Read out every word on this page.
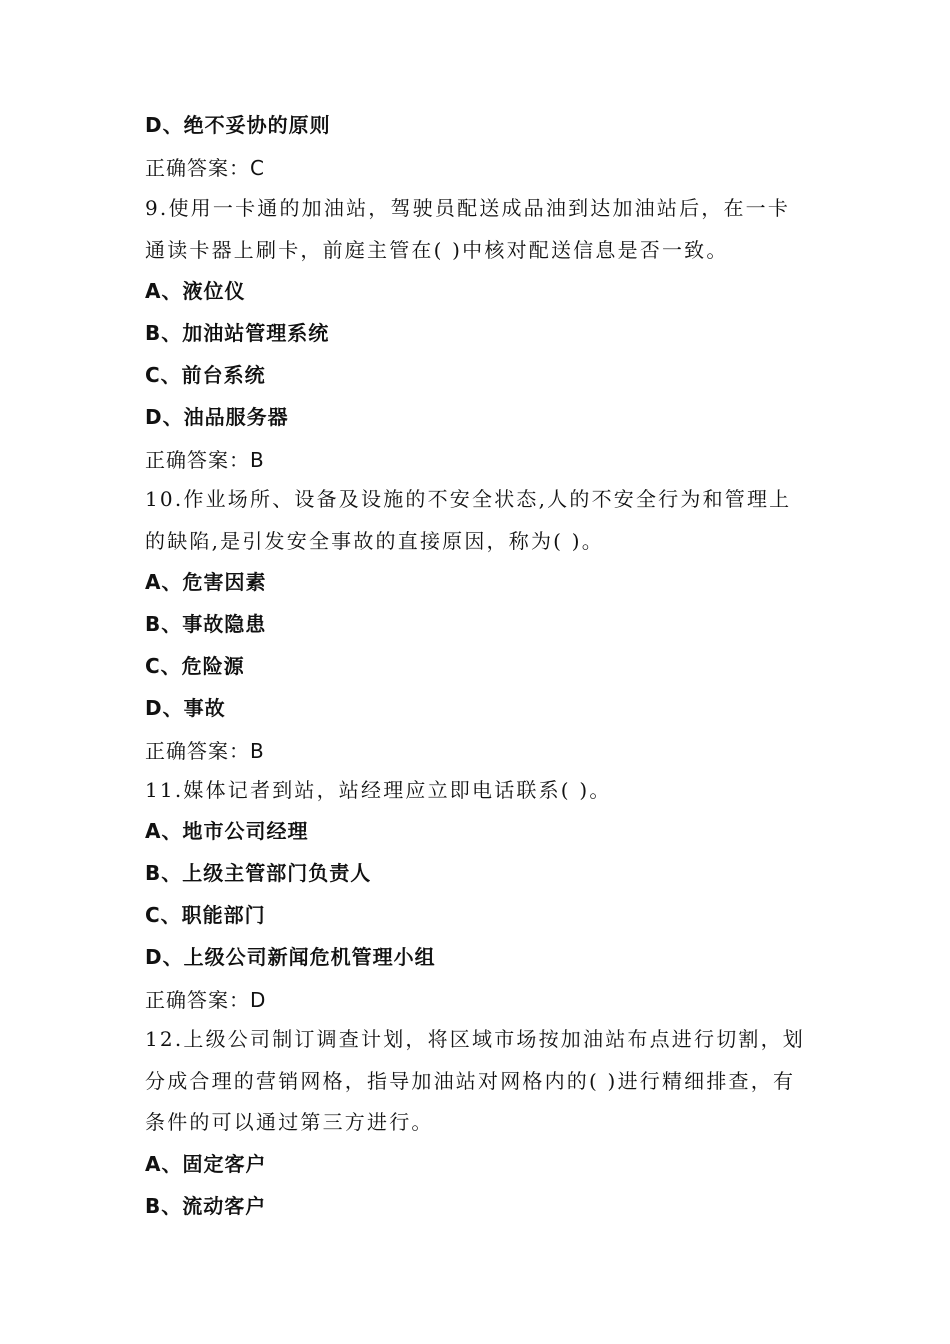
D、绝不妥协的原则
正确答案：C
9.使用一卡通的加油站，驾驶员配送成品油到达加油站后，在一卡
通读卡器上刷卡，前庭主管在( )中核对配送信息是否一致。
A、液位仪
B、加油站管理系统
C、前台系统
D、油品服务器
正确答案：B
10.作业场所、设备及设施的不安全状态,人的不安全行为和管理上
的缺陷,是引发安全事故的直接原因，称为( )。
A、危害因素
B、事故隐患
C、危险源
D、事故
正确答案：B
11.媒体记者到站，站经理应立即电话联系( )。
A、地市公司经理
B、上级主管部门负责人
C、职能部门
D、上级公司新闻危机管理小组
正确答案：D
12.上级公司制订调查计划，将区域市场按加油站布点进行切割，划
分成合理的营销网格，指导加油站对网格内的( )进行精细排查，有
条件的可以通过第三方进行。
A、固定客户
B、流动客户
